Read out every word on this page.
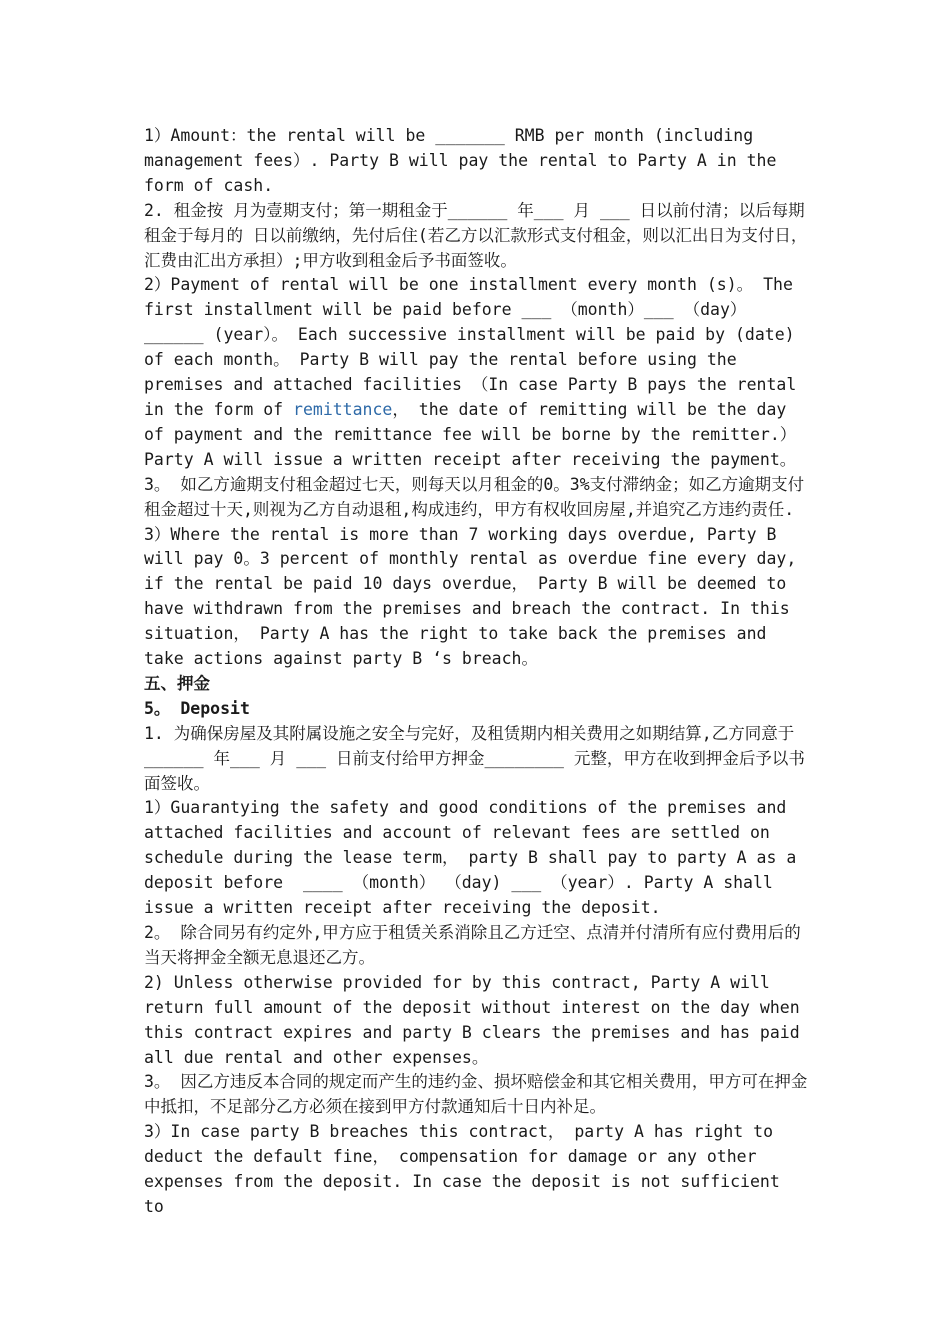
1）Amount：the rental will be _______ RMB per month (including management fees）. Party B will pay the rental to Party A in the form of cash.

2. 租金按 月为壹期支付；第一期租金于______ 年___ 月 ___ 日以前付清；以后每期租金于每月的 日以前缴纳，先付后住(若乙方以汇款形式支付租金，则以汇出日为支付日，汇费由汇出方承担）;甲方收到租金后予书面签收。

2）Payment of rental will be one installment every month (s)。 The first installment will be paid before ___ （month）___ （day） ______ (year）。 Each successive installment will be paid by (date) of each month。 Party B will pay the rental before using the premises and attached facilities （In case Party B pays the rental in the form of remittance， the date of remitting will be the day of payment and the remittance fee will be borne by the remitter.） Party A will issue a written receipt after receiving the payment。

3。 如乙方逾期支付租金超过七天，则每天以月租金的0。3%支付滞纳金；如乙方逾期支付租金超过十天,则视为乙方自动退租,构成违约，甲方有权收回房屋,并追究乙方违约责任.

3）Where the rental is more than 7 working days overdue, Party B will pay 0。3 percent of monthly rental as overdue fine every day, if the rental be paid 10 days overdue， Party B will be deemed to have withdrawn from the premises and breach the contract. In this situation， Party A has the right to take back the premises and take actions against party B ‘s breach。

五、押金

5。 Deposit

1. 为确保房屋及其附属设施之安全与完好，及租赁期内相关费用之如期结算,乙方同意于______ 年___ 月 ___ 日前支付给甲方押金________ 元整，甲方在收到押金后予以书面签收。

1）Guarantying the safety and good conditions of the premises and attached facilities and account of relevant fees are settled on schedule during the lease term， party B shall pay to party A as a deposit before  ____ （month） （day) ___ （year）. Party A shall issue a written receipt after receiving the deposit.

2。 除合同另有约定外,甲方应于租赁关系消除且乙方迁空、点清并付清所有应付费用后的当天将押金全额无息退还乙方。

2) Unless otherwise provided for by this contract, Party A will return full amount of the deposit without interest on the day when this contract expires and party B clears the premises and has paid all due rental and other expenses。

3。 因乙方违反本合同的规定而产生的违约金、损坏赔偿金和其它相关费用，甲方可在押金中抵扣，不足部分乙方必须在接到甲方付款通知后十日内补足。

3）In case party B breaches this contract， party A has right to deduct the default fine， compensation for damage or any other expenses from the deposit. In case the deposit is not sufficient to
